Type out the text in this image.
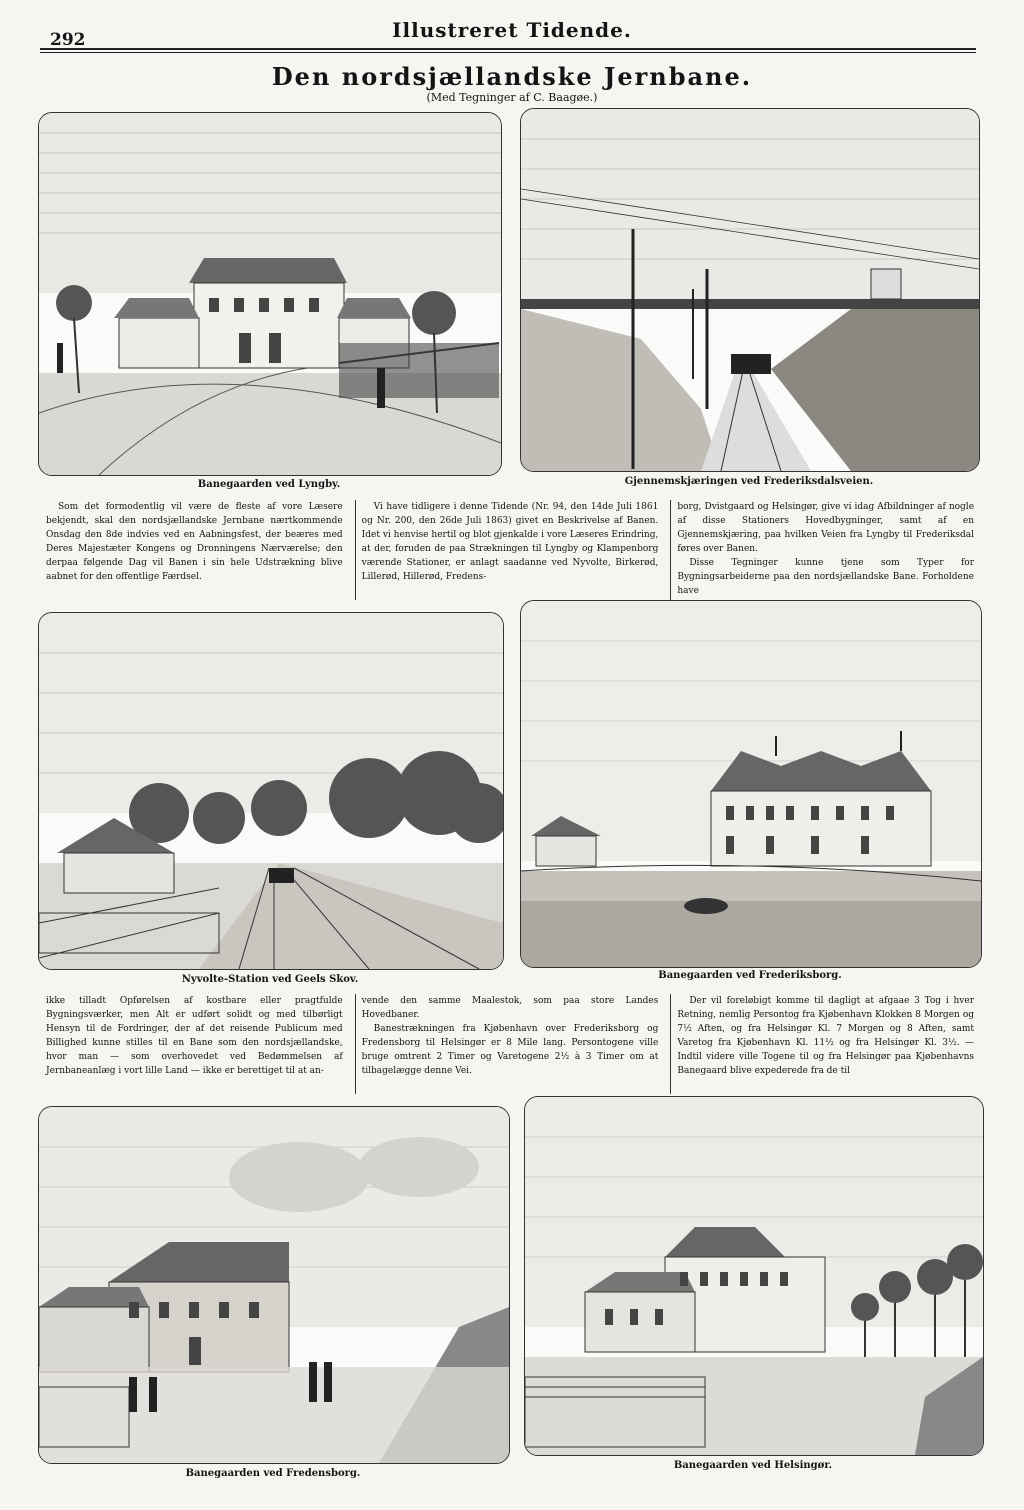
292	Illustreret Tidende.
Den nordsjællandske Jernbane.
(Med Tegninger af C. Baagøe.)
Banegaarden ved Lyngby.	Gjennemskjæringen ved Frederiksdalsveien.

Som det formodentlig vil være de fleste af vore Læsere bekjendt, skal den nordsjællandske Jernbane nærtkommende Onsdag den 8de indvies ved en Aabningsfest, der beæres med Deres Majestæter Kongens og Dronningens Nærværelse; den derpaa følgende Dag vil Banen i sin hele Udstrækning blive aabnet for den offentlige Færdsel.

Vi have tidligere i denne Tidende (Nr. 94, den 14de Juli 1861 og Nr. 200, den 26de Juli 1863) givet en Beskrivelse af Banen. Idet vi henvise hertil og blot gjenkalde i vore Læseres Erindring, at der, foruden de paa Strækningen til Lyngby og Klampenborg værende Stationer, er anlagt saadanne ved Nyvolte, Birkerød, Lillerød, Hillerød, Fredens-

borg, Dvistgaard og Helsingør, give vi idag Afbildninger af nogle af disse Stationers Hovedbygninger, samt af en Gjennemskjæring, paa hvilken Veien fra Lyngby til Frederiksdal føres over Banen.

Disse Tegninger kunne tjene som Typer for Bygningsarbeiderne paa den nordsjællandske Bane. Forholdene have

Nyvolte-Station ved Geels Skov.	Banegaarden ved Frederiksborg.

ikke tilladt Opførelsen af kostbare eller pragtfulde Bygningsværker, men Alt er udført solidt og med tilbørligt Hensyn til de Fordringer, der af det reisende Publicum med Billighed kunne stilles til en Bane som den nordsjællandske, hvor man — som overhovedet ved Bedømmelsen af Jernbaneanlæg i vort lille Land — ikke er berettiget til at an-

vende den samme Maalestok, som paa store Landes Hovedbaner.

Banestrækningen fra Kjøbenhavn over Frederiksborg og Fredensborg til Helsingør er 8 Mile lang. Persontogene ville bruge omtrent 2 Timer og Varetogene 2½ à 3 Timer om at tilbagelægge denne Vei.

Der vil foreløbigt komme til dagligt at afgaae 3 Tog i hver Retning, nemlig Persontog fra Kjøbenhavn Klokken 8 Morgen og 7½ Aften, og fra Helsingør Kl. 7 Morgen og 8 Aften, samt Varetog fra Kjøbenhavn Kl. 11½ og fra Helsingør Kl. 3½. — Indtil videre ville Togene til og fra Helsingør paa Kjøbenhavns Banegaard blive expederede fra de til

Banegaarden ved Fredensborg.
Banegaarden ved Helsingør.
